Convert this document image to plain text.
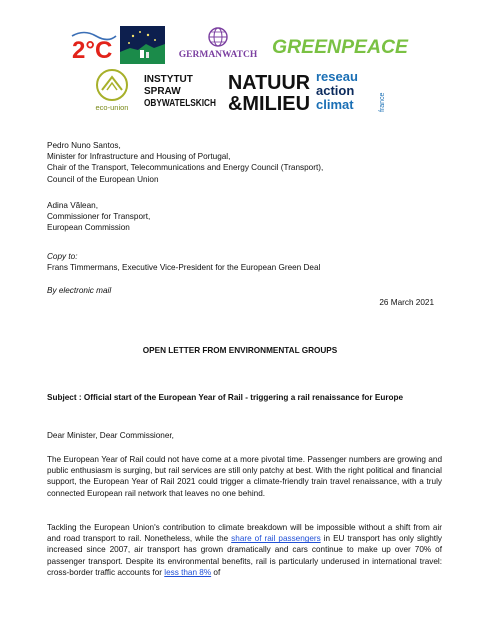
2°C	GERMANWATCH GREENPEACE
eco-union
INSTYTUT
SPRAW
OBYWATELSKICH
NATUUR
&MILIEU
reseau
action
climat	france

Pedro Nuno Santos,

Minister for Infrastructure and Housing of Portugal,

Chair of the Transport, Telecommunications and Energy Council (Transport),

Council of the European Union

Adina Vălean,

Commissioner for Transport,

European Commission

Copy to:

Frans Timmermans, Executive Vice-President for the European Green Deal

By electronic mail

26 March 2021

OPEN LETTER FROM ENVIRONMENTAL GROUPS

Subject : Official start of the European Year of Rail - triggering a rail renaissance for Europe

Dear Minister, Dear Commissioner,

The European Year of Rail could not have come at a more pivotal time. Passenger numbers are growing and public enthusiasm is surging, but rail services are still only patchy at best. With the right political and financial support, the European Year of Rail 2021 could trigger a climate-friendly train travel renaissance, with a truly connected European rail network that leaves no one behind.

Tackling the European Union's contribution to climate breakdown will be impossible without a shift from air and road transport to rail. Nonetheless, while the share of rail passengers in EU transport has only slightly increased since 2007, air transport has grown dramatically and cars continue to make up over 70% of passenger transport. Despite its environmental benefits, rail is particularly underused in international travel: cross-border traffic accounts for less than 8% of
